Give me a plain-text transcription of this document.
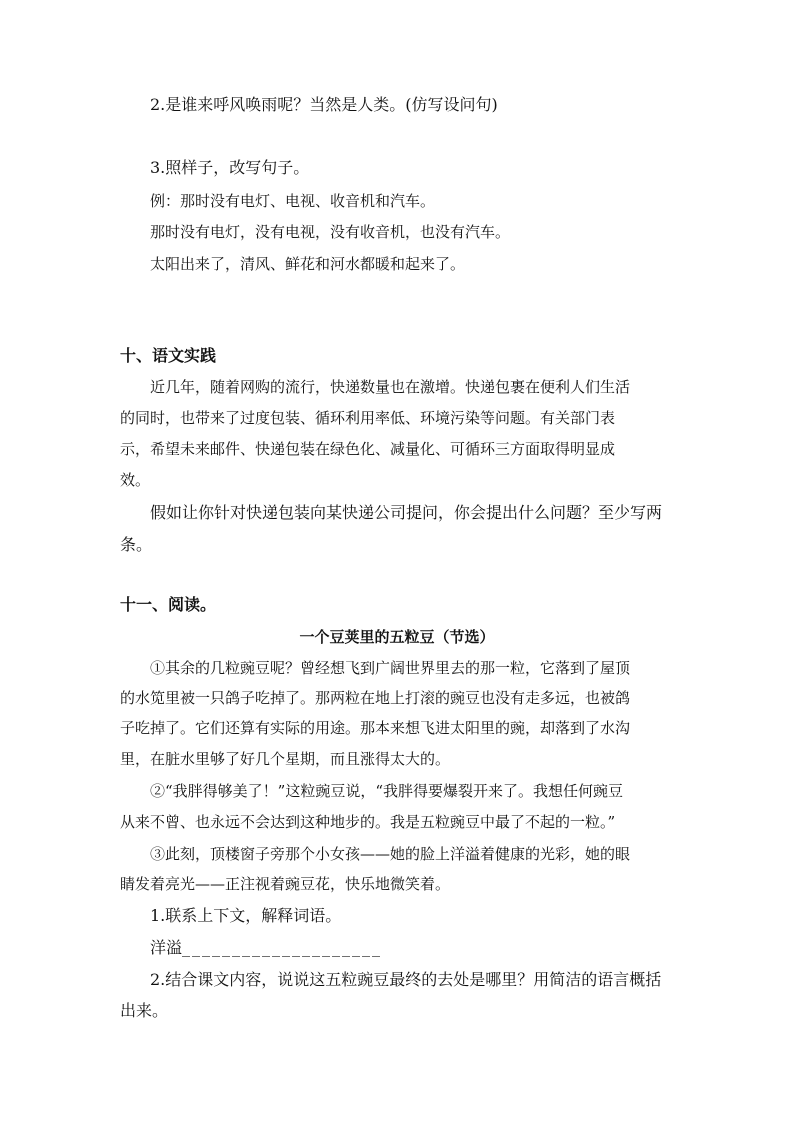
2.是谁来呼风唤雨呢？当然是人类。(仿写设问句)
3.照样子，改写句子。
例：那时没有电灯、电视、收音机和汽车。
那时没有电灯，没有电视，没有收音机，也没有汽车。
太阳出来了，清风、鲜花和河水都暖和起来了。
十、语文实践
近几年，随着网购的流行，快递数量也在激增。快递包裹在便利人们生活
的同时，也带来了过度包装、循环利用率低、环境污染等问题。有关部门表
示，希望未来邮件、快递包装在绿色化、减量化、可循环三方面取得明显成
效。
假如让你针对快递包装向某快递公司提问，你会提出什么问题？至少写两
条。
十一、阅读。
一个豆荚里的五粒豆（节选）
①其余的几粒豌豆呢？曾经想飞到广阔世界里去的那一粒，它落到了屋顶
的水笕里被一只鸽子吃掉了。那两粒在地上打滚的豌豆也没有走多远，也被鸽
子吃掉了。它们还算有实际的用途。那本来想飞进太阳里的豌，却落到了水沟
里，在脏水里够了好几个星期，而且涨得太大的。
②“我胖得够美了！”这粒豌豆说，“我胖得要爆裂开来了。我想任何豌豆
从来不曾、也永远不会达到这种地步的。我是五粒豌豆中最了不起的一粒。”
③此刻，顶楼窗子旁那个小女孩——她的脸上洋溢着健康的光彩，她的眼
睛发着亮光——正注视着豌豆花，快乐地微笑着。
1.联系上下文，解释词语。
洋溢____________________
2.结合课文内容，说说这五粒豌豆最终的去处是哪里？用简洁的语言概括
出来。
